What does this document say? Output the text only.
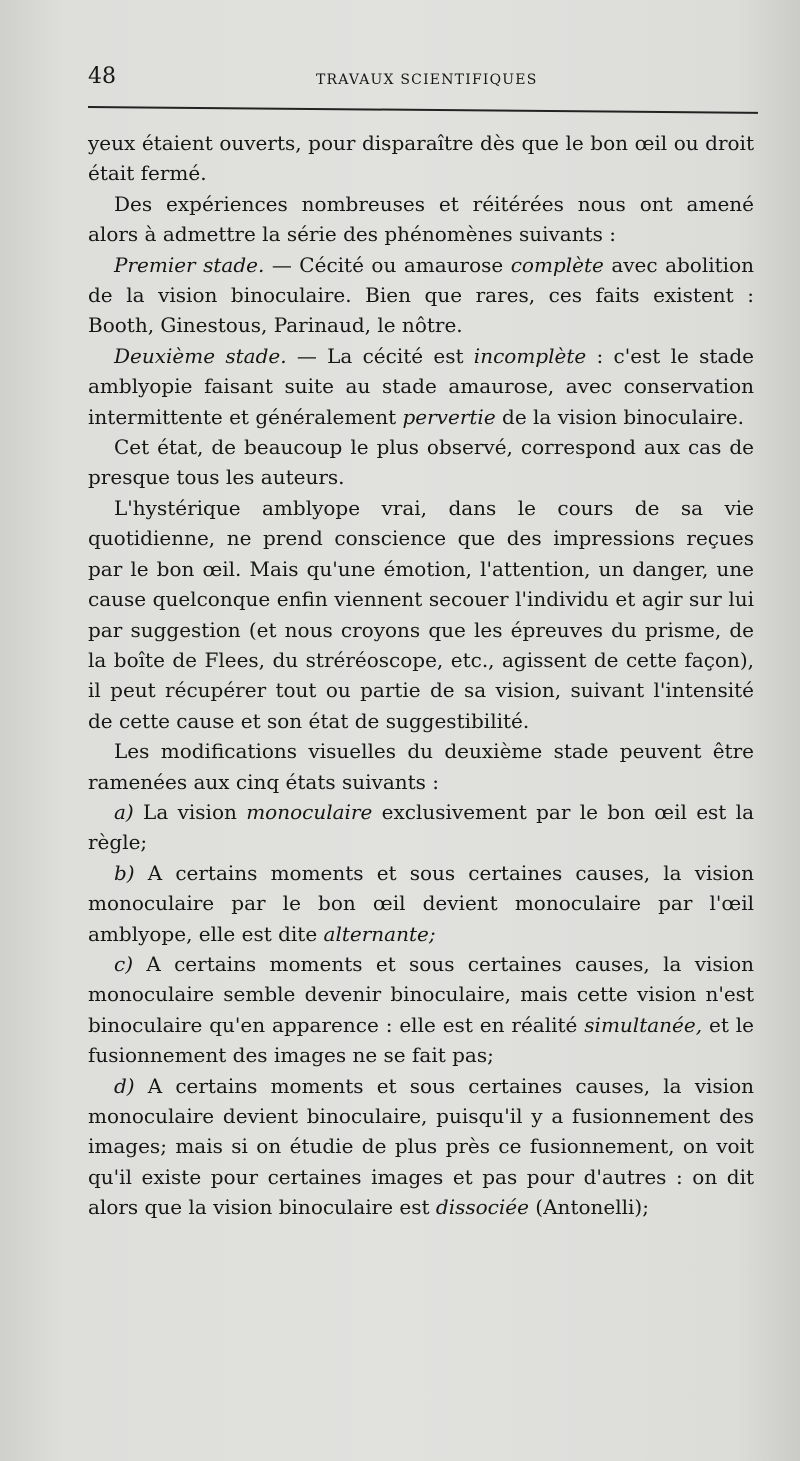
48	TRAVAUX SCIENTIFIQUES

yeux étaient ouverts, pour disparaître dès que le bon œil ou droit était fermé.

Des expériences nombreuses et réitérées nous ont amené alors à admettre la série des phénomènes suivants :

Premier stade. — Cécité ou amaurose complète avec abolition de la vision binoculaire. Bien que rares, ces faits existent : Booth, Ginestous, Parinaud, le nôtre.

Deuxième stade. — La cécité est incomplète : c'est le stade amblyopie faisant suite au stade amaurose, avec conservation intermittente et généralement pervertie de la vision binoculaire.

Cet état, de beaucoup le plus observé, correspond aux cas de presque tous les auteurs.

L'hystérique amblyope vrai, dans le cours de sa vie quotidienne, ne prend conscience que des impressions reçues par le bon œil. Mais qu'une émotion, l'attention, un danger, une cause quelconque enfin viennent secouer l'individu et agir sur lui par suggestion (et nous croyons que les épreuves du prisme, de la boîte de Flees, du stréréoscope, etc., agissent de cette façon), il peut récupérer tout ou partie de sa vision, suivant l'intensité de cette cause et son état de suggestibilité.

Les modifications visuelles du deuxième stade peuvent être ramenées aux cinq états suivants :

a) La vision monoculaire exclusivement par le bon œil est la règle;

b) A certains moments et sous certaines causes, la vision monoculaire par le bon œil devient monoculaire par l'œil amblyope, elle est dite alternante;

c) A certains moments et sous certaines causes, la vision monoculaire semble devenir binoculaire, mais cette vision n'est binoculaire qu'en apparence : elle est en réalité simultanée, et le fusionnement des images ne se fait pas;

d) A certains moments et sous certaines causes, la vision monoculaire devient binoculaire, puisqu'il y a fusionnement des images; mais si on étudie de plus près ce fusionnement, on voit qu'il existe pour certaines images et pas pour d'autres : on dit alors que la vision binoculaire est dissociée (Antonelli);
